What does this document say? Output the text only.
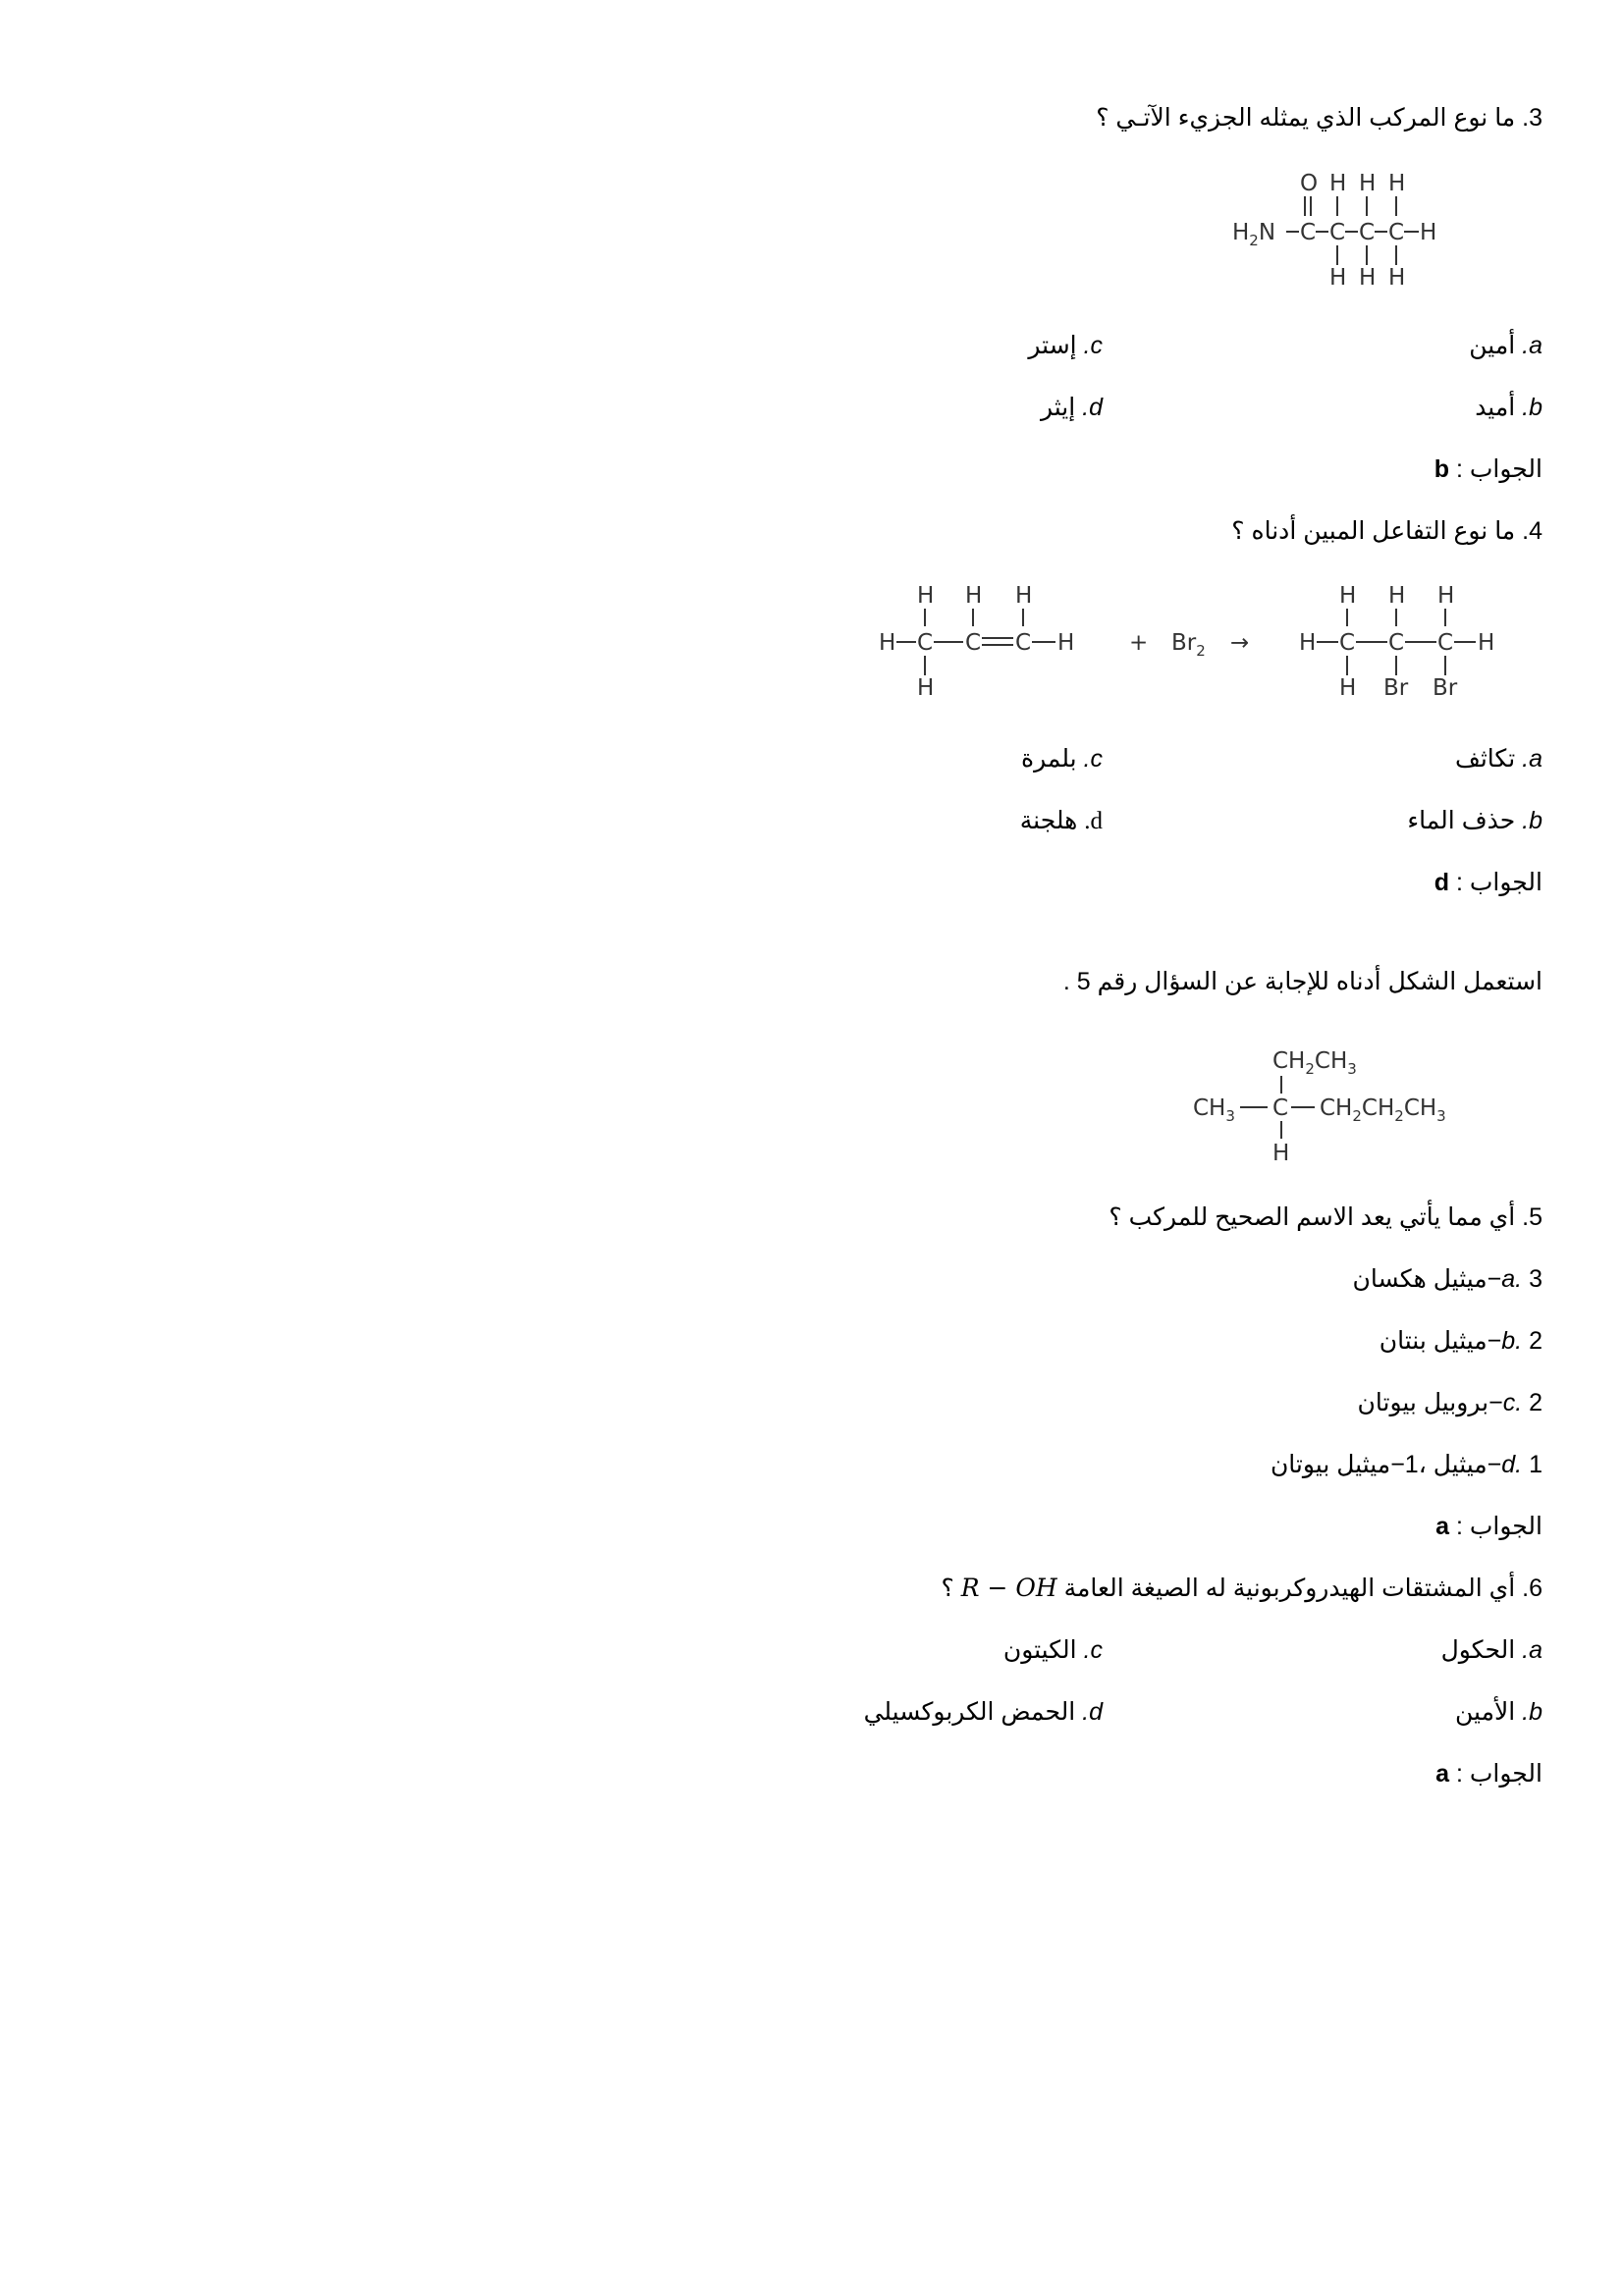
3. ما نوع المركب الذي يمثله الجزيء الآتـي ؟
$H_2N$ C C C C H
O H H H
H H H
a. أمين
c. إستر
b. أميد
d. إيثر
الجواب : b
4. ما نوع التفاعل المبين أدناه ؟
H C C C H
H H H
H
+ $Br_2 \to H$ C C C H
H H H
H Br Br
a. تكاثف
c. بلمرة
b. حذف الماء
d. هلجنة
الجواب : d
استعمل الشكل أدناه للإجابة عن السؤال رقم 5 .
$CH_2CH_3$
$CH_3$ C $CH_2CH_2CH_3$
H
5. أي مما يأتي يعد الاسم الصحيح للمركب ؟
a. 3−ميثيل هكسان
b. 2−ميثيل بنتان
c. 2−بروبيل بيوتان
d. 1−ميثيل ،1−ميثيل بيوتان
الجواب : a
6. أي المشتقات الهيدروكربونية له الصيغة العامة R − OH ؟
a. الحكول
c. الكيتون
b. الأمين
d. الحمض الكربوكسيلي
الجواب : a
